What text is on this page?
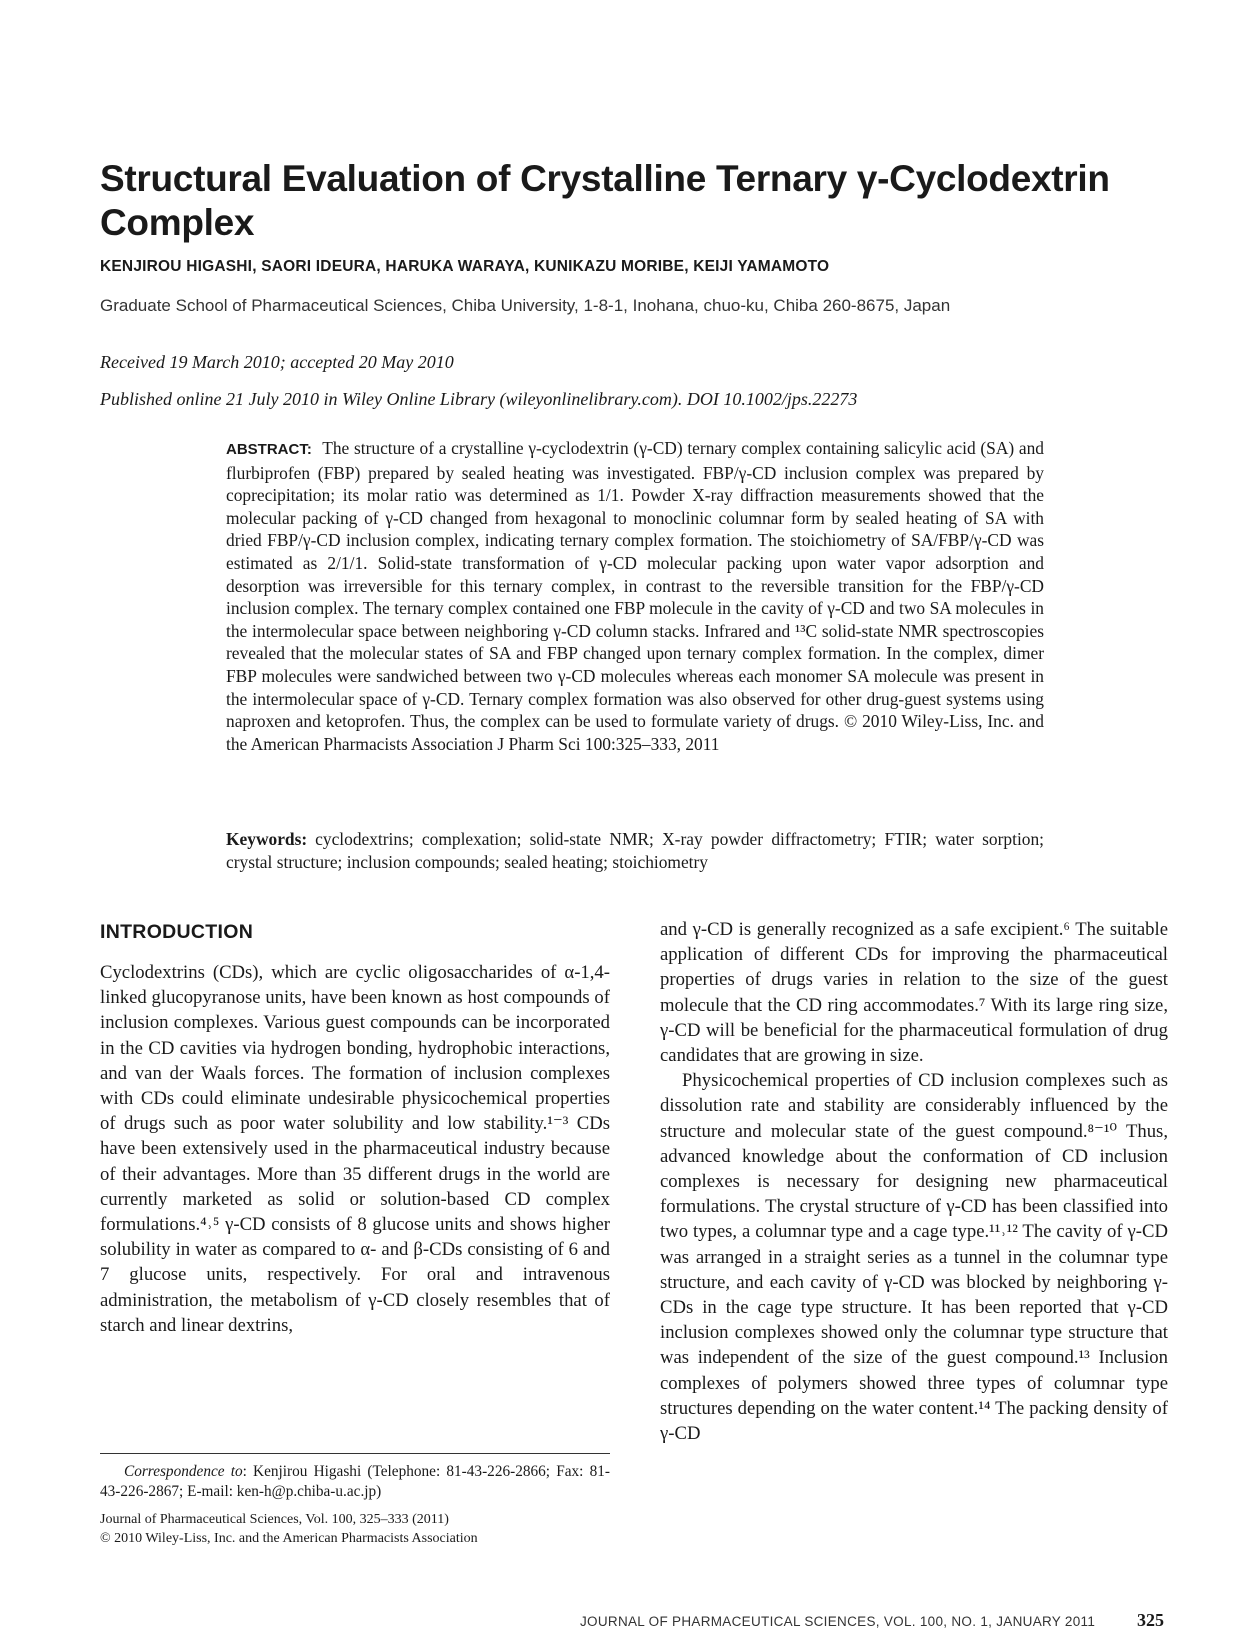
Structural Evaluation of Crystalline Ternary γ-Cyclodextrin Complex
KENJIROU HIGASHI, SAORI IDEURA, HARUKA WARAYA, KUNIKAZU MORIBE, KEIJI YAMAMOTO
Graduate School of Pharmaceutical Sciences, Chiba University, 1-8-1, Inohana, chuo-ku, Chiba 260-8675, Japan
Received 19 March 2010; accepted 20 May 2010
Published online 21 July 2010 in Wiley Online Library (wileyonlinelibrary.com). DOI 10.1002/jps.22273
ABSTRACT: The structure of a crystalline γ-cyclodextrin (γ-CD) ternary complex containing salicylic acid (SA) and flurbiprofen (FBP) prepared by sealed heating was investigated. FBP/γ-CD inclusion complex was prepared by coprecipitation; its molar ratio was determined as 1/1. Powder X-ray diffraction measurements showed that the molecular packing of γ-CD changed from hexagonal to monoclinic columnar form by sealed heating of SA with dried FBP/γ-CD inclusion complex, indicating ternary complex formation. The stoichiometry of SA/FBP/γ-CD was estimated as 2/1/1. Solid-state transformation of γ-CD molecular packing upon water vapor adsorption and desorption was irreversible for this ternary complex, in contrast to the reversible transition for the FBP/γ-CD inclusion complex. The ternary complex contained one FBP molecule in the cavity of γ-CD and two SA molecules in the intermolecular space between neighboring γ-CD column stacks. Infrared and ¹³C solid-state NMR spectroscopies revealed that the molecular states of SA and FBP changed upon ternary complex formation. In the complex, dimer FBP molecules were sandwiched between two γ-CD molecules whereas each monomer SA molecule was present in the intermolecular space of γ-CD. Ternary complex formation was also observed for other drug-guest systems using naproxen and ketoprofen. Thus, the complex can be used to formulate variety of drugs. © 2010 Wiley-Liss, Inc. and the American Pharmacists Association J Pharm Sci 100:325–333, 2011
Keywords: cyclodextrins; complexation; solid-state NMR; X-ray powder diffractometry; FTIR; water sorption; crystal structure; inclusion compounds; sealed heating; stoichiometry
INTRODUCTION

Cyclodextrins (CDs), which are cyclic oligosaccharides of α-1,4-linked glucopyranose units, have been known as host compounds of inclusion complexes. Various guest compounds can be incorporated in the CD cavities via hydrogen bonding, hydrophobic interactions, and van der Waals forces. The formation of inclusion complexes with CDs could eliminate undesirable physicochemical properties of drugs such as poor water solubility and low stability.¹⁻³ CDs have been extensively used in the pharmaceutical industry because of their advantages. More than 35 different drugs in the world are currently marketed as solid or solution-based CD complex formulations.⁴˒⁵ γ-CD consists of 8 glucose units and shows higher solubility in water as compared to α- and β-CDs consisting of 6 and 7 glucose units, respectively. For oral and intravenous administration, the metabolism of γ-CD closely resembles that of starch and linear dextrins,

and γ-CD is generally recognized as a safe excipient.⁶ The suitable application of different CDs for improving the pharmaceutical properties of drugs varies in relation to the size of the guest molecule that the CD ring accommodates.⁷ With its large ring size, γ-CD will be beneficial for the pharmaceutical formulation of drug candidates that are growing in size.

Physicochemical properties of CD inclusion complexes such as dissolution rate and stability are considerably influenced by the structure and molecular state of the guest compound.⁸⁻¹⁰ Thus, advanced knowledge about the conformation of CD inclusion complexes is necessary for designing new pharmaceutical formulations. The crystal structure of γ-CD has been classified into two types, a columnar type and a cage type.¹¹˒¹² The cavity of γ-CD was arranged in a straight series as a tunnel in the columnar type structure, and each cavity of γ-CD was blocked by neighboring γ-CDs in the cage type structure. It has been reported that γ-CD inclusion complexes showed only the columnar type structure that was independent of the size of the guest compound.¹³ Inclusion complexes of polymers showed three types of columnar type structures depending on the water content.¹⁴ The packing density of γ-CD

Correspondence to: Kenjirou Higashi (Telephone: 81-43-226-2866; Fax: 81-43-226-2867; E-mail: ken-h@p.chiba-u.ac.jp)
Journal of Pharmaceutical Sciences, Vol. 100, 325–333 (2011)
© 2010 Wiley-Liss, Inc. and the American Pharmacists Association
JOURNAL OF PHARMACEUTICAL SCIENCES, VOL. 100, NO. 1, JANUARY 2011 325
